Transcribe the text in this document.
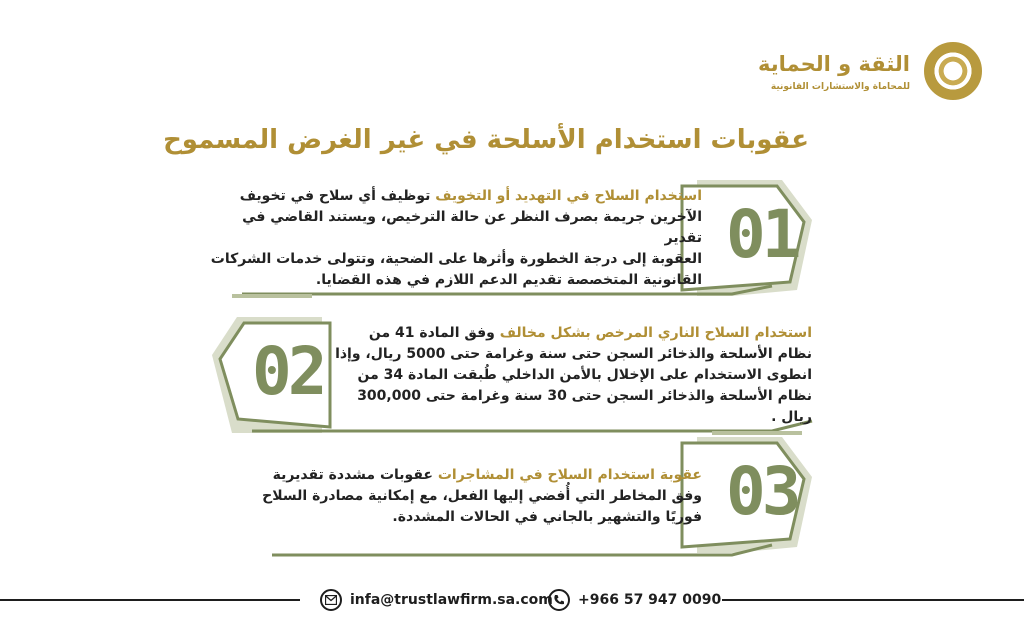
الثقة و الحماية
للمحاماة والاستشارات القانونية
عقوبات استخدام الأسلحة في غير الغرض المسموح
01
استخدام السلاح في التهديد أو التخويف توظيف أي سلاح في تخويف
الآخرين جريمة بصرف النظر عن حالة الترخيص، ويستند القاضي في تقدير
العقوبة إلى درجة الخطورة وأثرها على الضحية، وتتولى خدمات الشركات
القانونية المتخصصة تقديم الدعم اللازم في هذه القضايا.
02	استخدام السلاح الناري المرخص بشكل مخالف وفق المادة 41 من
نظام الأسلحة والذخائر السجن حتى سنة وغرامة حتى 5000 ريال، وإذا
انطوى الاستخدام على الإخلال بالأمن الداخلي طُبقت المادة 34 من
نظام الأسلحة والذخائر السجن حتى 30 سنة وغرامة حتى 300,000 ريال .
03
عقوبة استخدام السلاح في المشاجرات عقوبات مشددة تقديرية
وفق المخاطر التي أُفضي إليها الفعل، مع إمكانية مصادرة السلاح
فوريًا والتشهير بالجاني في الحالات المشددة.
infa@trustlawfirm.sa.com +966 57 947 0090
